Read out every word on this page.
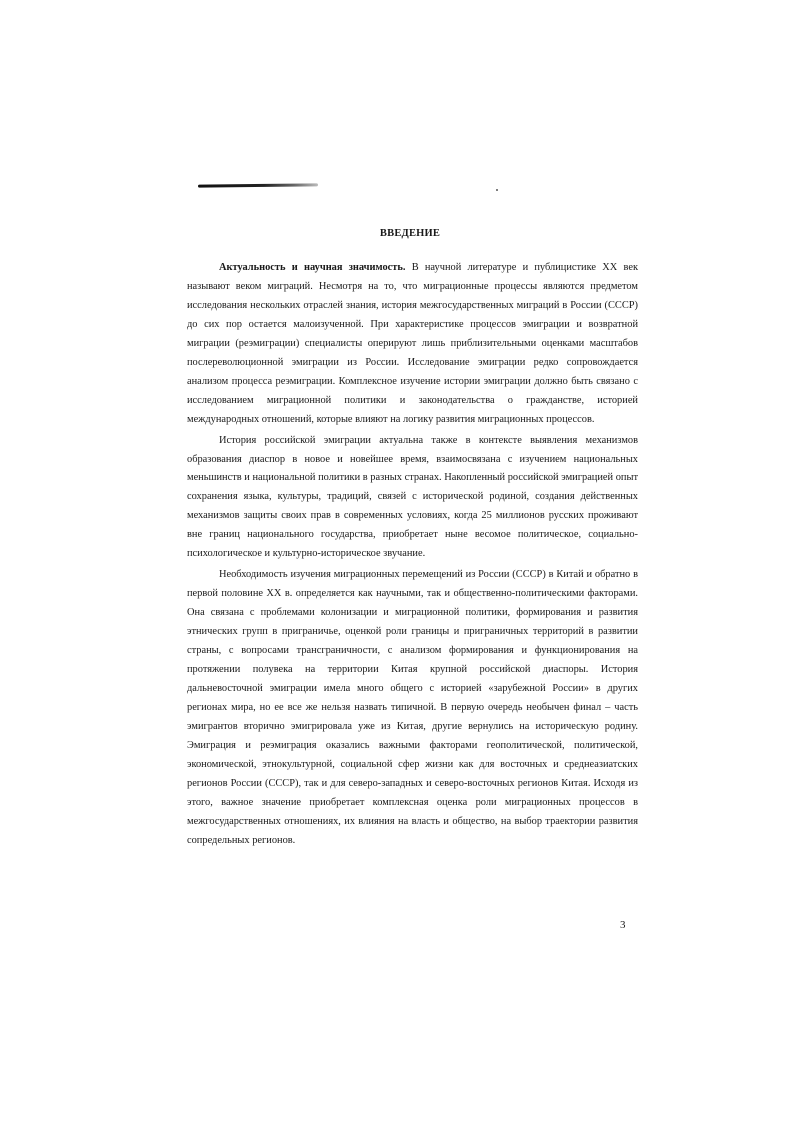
ВВЕДЕНИЕ

Актуальность и научная значимость. В научной литературе и публицистике XX век называют веком миграций. Несмотря на то, что миграционные процессы являются предметом исследования нескольких отраслей знания, история межгосударственных миграций в России (СССР) до сих пор остается малоизученной. При характеристике процессов эмиграции и возвратной миграции (реэмиграции) специалисты оперируют лишь приблизительными оценками масштабов послереволюционной эмиграции из России. Исследование эмиграции редко сопровождается анализом процесса реэмиграции. Комплексное изучение истории эмиграции должно быть связано с исследованием миграционной политики и законодательства о гражданстве, историей международных отношений, которые влияют на логику развития миграционных процессов.

История российской эмиграции актуальна также в контексте выявления механизмов образования диаспор в новое и новейшее время, взаимосвязана с изучением национальных меньшинств и национальной политики в разных странах. Накопленный российской эмиграцией опыт сохранения языка, культуры, традиций, связей с исторической родиной, создания действенных механизмов защиты своих прав в современных условиях, когда 25 миллионов русских проживают вне границ национального государства, приобретает ныне весомое политическое, социально-психологическое и культурно-историческое звучание.

Необходимость изучения миграционных перемещений из России (СССР) в Китай и обратно в первой половине XX в. определяется как научными, так и общественно-политическими факторами. Она связана с проблемами колонизации и миграционной политики, формирования и развития этнических групп в приграничье, оценкой роли границы и приграничных территорий в развитии страны, с вопросами трансграничности, с анализом формирования и функционирования на протяжении полувека на территории Китая крупной российской диаспоры. История дальневосточной эмиграции имела много общего с историей «зарубежной России» в других регионах мира, но ее все же нельзя назвать типичной. В первую очередь необычен финал – часть эмигрантов вторично эмигрировала уже из Китая, другие вернулись на историческую родину. Эмиграция и реэмиграция оказались важными факторами геополитической, политической, экономической, этнокультурной, социальной сфер жизни как для восточных и среднеазиатских регионов России (СССР), так и для северо-западных и северо-восточных регионов Китая. Исходя из этого, важное значение приобретает комплексная оценка роли миграционных процессов в межгосударственных отношениях, их влияния на власть и общество, на выбор траектории развития сопредельных регионов.

3
